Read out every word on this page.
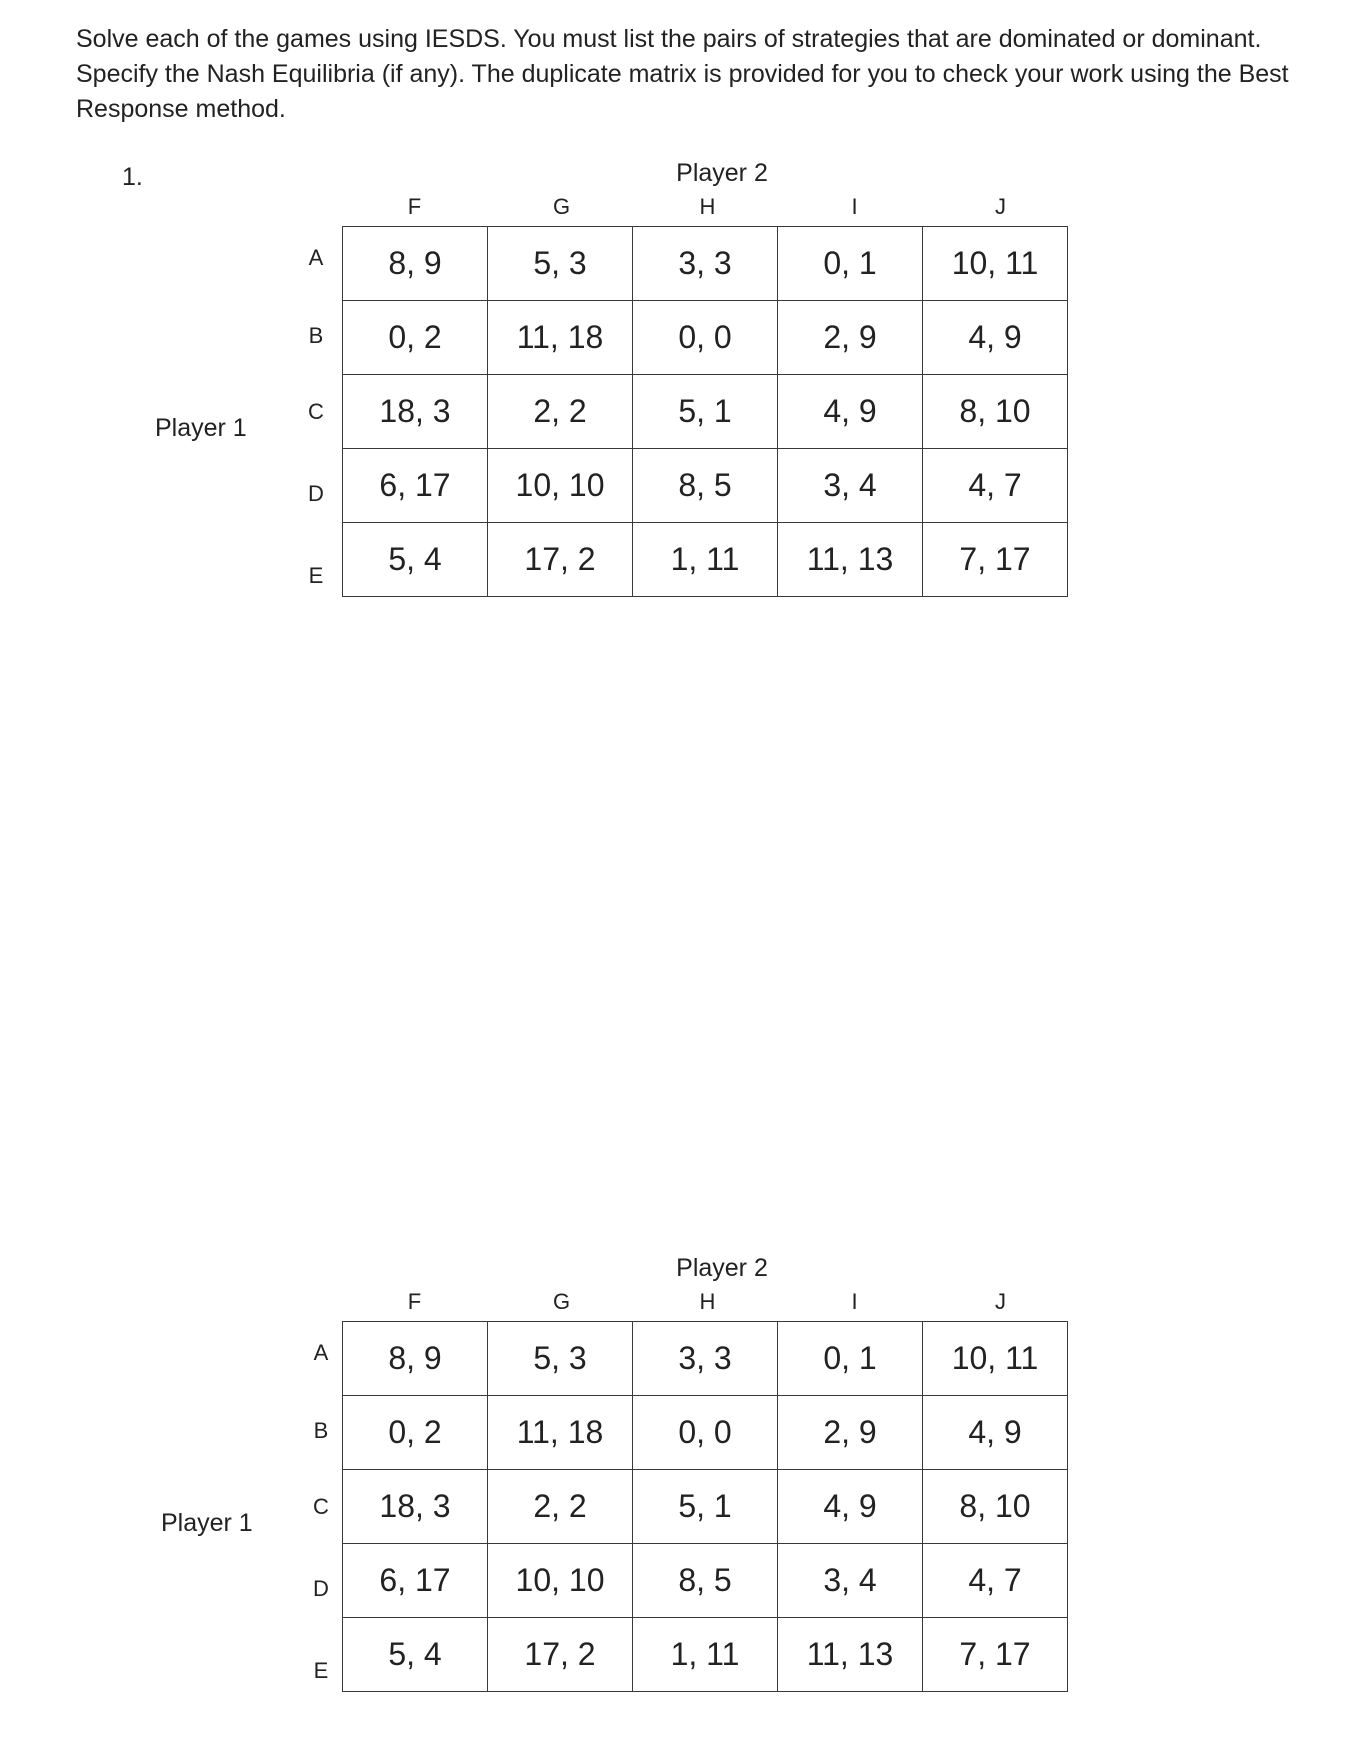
Solve each of the games using IESDS. You must list the pairs of strategies that are dominated or dominant. Specify the Nash Equilibria (if any). The duplicate matrix is provided for you to check your work using the Best Response method.

1.	Player 2
F	G	H	I	J
Player 1
A
B
C
D
E
8, 9	5, 3	3, 3	0, 1	10, 11
0, 2	11, 18	0, 0	2, 9	4, 9
18, 3	2, 2	5, 1	4, 9	8, 10
6, 17	10, 10	8, 5	3, 4	4, 7
5, 4	17, 2	1, 11	11, 13	7, 17
Player 2
F	G	H	I	J
Player 1
A
B
C
D
E
8, 9	5, 3	3, 3	0, 1	10, 11
0, 2	11, 18	0, 0	2, 9	4, 9
18, 3	2, 2	5, 1	4, 9	8, 10
6, 17	10, 10	8, 5	3, 4	4, 7
5, 4	17, 2	1, 11	11, 13	7, 17
